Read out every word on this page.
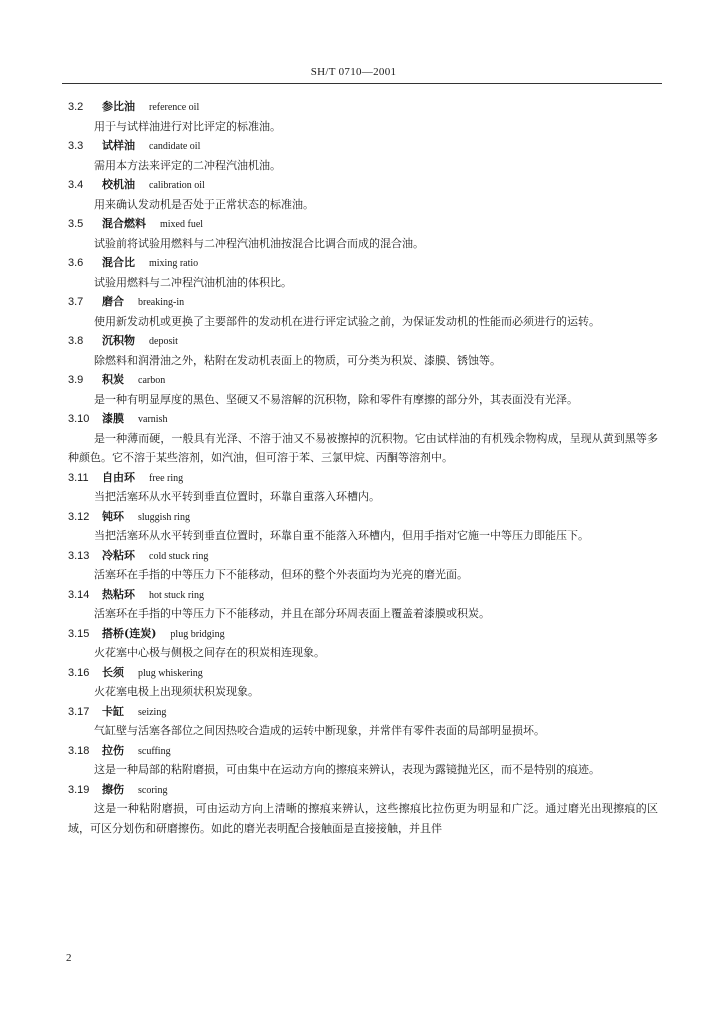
SH/T 0710—2001
3.2 参比油 reference oil

用于与试样油进行对比评定的标准油。

3.3 试样油 candidate oil

需用本方法来评定的二冲程汽油机油。

3.4 校机油 calibration oil

用来确认发动机是否处于正常状态的标准油。

3.5 混合燃料 mixed fuel

试验前将试验用燃料与二冲程汽油机油按混合比调合而成的混合油。

3.6 混合比 mixing ratio

试验用燃料与二冲程汽油机油的体积比。

3.7 磨合 breaking-in

使用新发动机或更换了主要部件的发动机在进行评定试验之前，为保证发动机的性能而必须进行的运转。

3.8 沉积物 deposit

除燃料和润滑油之外，粘附在发动机表面上的物质，可分类为积炭、漆膜、锈蚀等。

3.9 积炭 carbon

是一种有明显厚度的黑色、坚硬又不易溶解的沉积物，除和零件有摩擦的部分外，其表面没有光泽。

3.10 漆膜 varnish

是一种薄而硬，一般具有光泽、不溶于油又不易被擦掉的沉积物。它由试样油的有机残余物构成，呈现从黄到黑等多种颜色。它不溶于某些溶剂，如汽油，但可溶于苯、三氯甲烷、丙酮等溶剂中。

3.11 自由环 free ring

当把活塞环从水平转到垂直位置时，环靠自重落入环槽内。

3.12 钝环 sluggish ring

当把活塞环从水平转到垂直位置时，环靠自重不能落入环槽内，但用手指对它施一中等压力即能压下。

3.13 冷粘环 cold stuck ring

活塞环在手指的中等压力下不能移动，但环的整个外表面均为光亮的磨光面。

3.14 热粘环 hot stuck ring

活塞环在手指的中等压力下不能移动，并且在部分环周表面上覆盖着漆膜或积炭。

3.15 搭桥(连炭) plug bridging

火花塞中心极与侧极之间存在的积炭相连现象。

3.16 长须 plug whiskering

火花塞电极上出现须状积炭现象。

3.17 卡缸 seizing

气缸壁与活塞各部位之间因热咬合造成的运转中断现象，并常伴有零件表面的局部明显损坏。

3.18 拉伤 scuffing

这是一种局部的粘附磨损，可由集中在运动方向的擦痕来辨认，表现为露镜抛光区，而不是特别的痕迹。

3.19 擦伤 scoring

这是一种粘附磨损，可由运动方向上清晰的擦痕来辨认，这些擦痕比拉伤更为明显和广泛。通过磨光出现擦痕的区域，可区分划伤和研磨擦伤。如此的磨光表明配合接触面是直接接触，并且伴

2
